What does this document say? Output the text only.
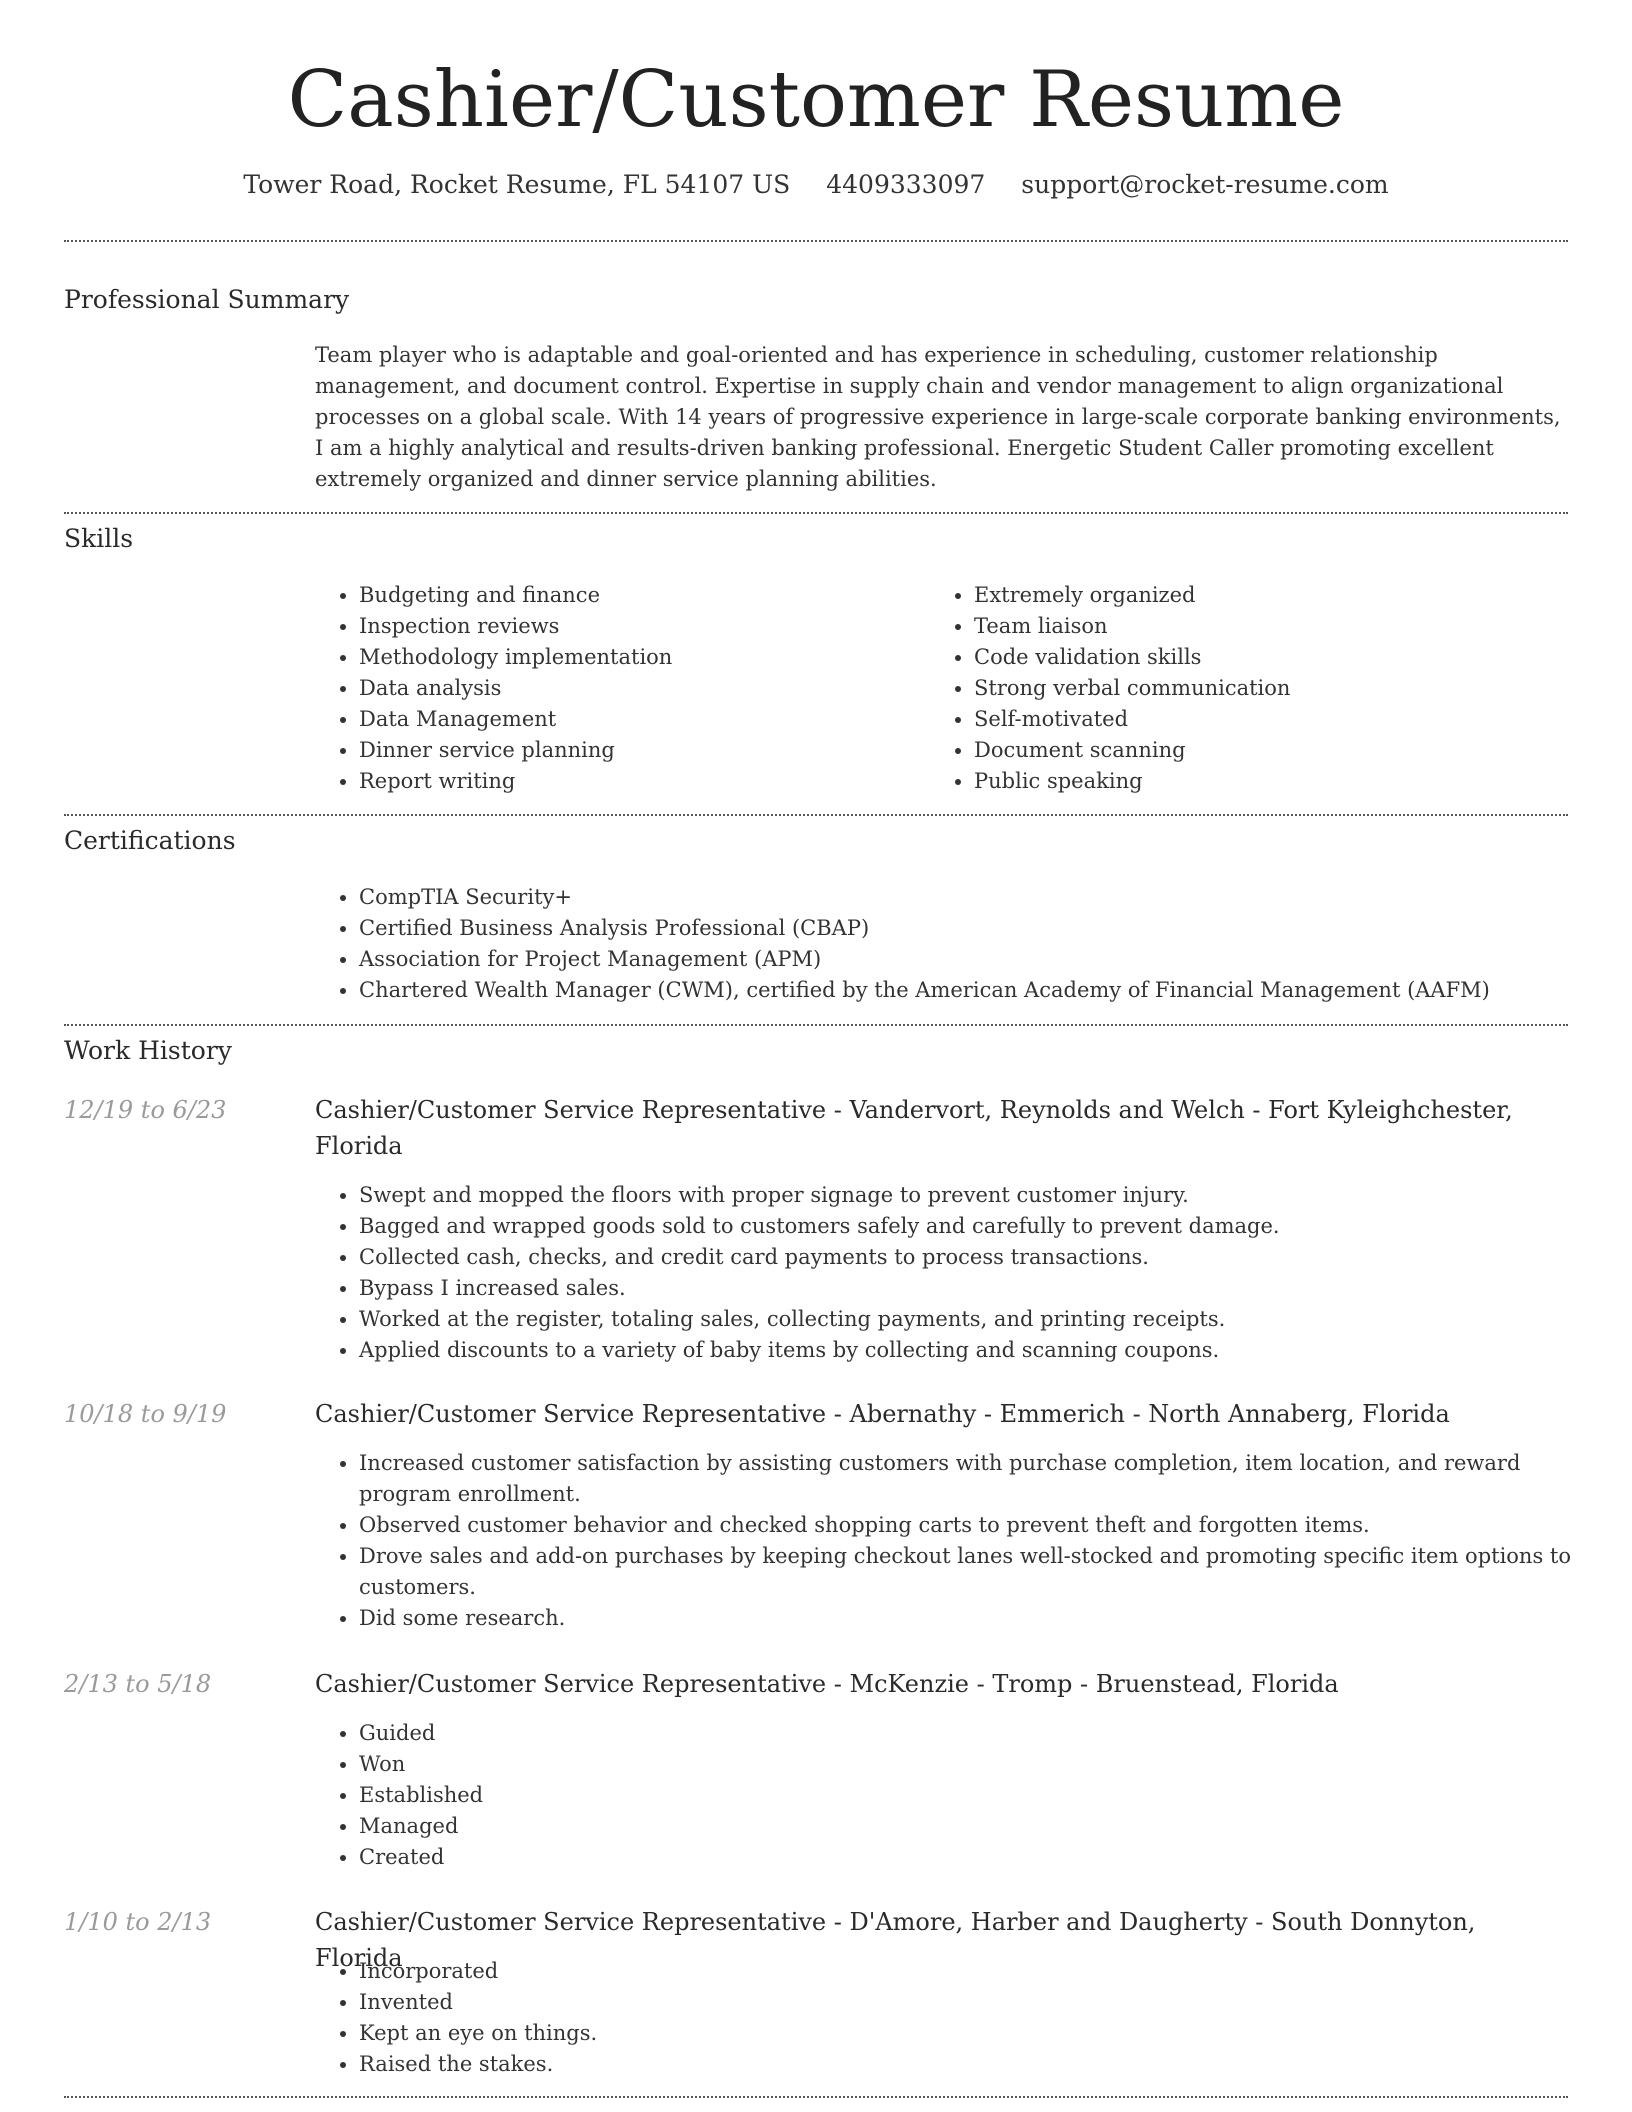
Cashier/Customer Resume
Tower Road, Rocket Resume, FL 54107 US 4409333097 support@rocket-resume.com
Professional Summary

Team player who is adaptable and goal-oriented and has experience in scheduling, customer relationship management, and document control. Expertise in supply chain and vendor management to align organizational processes on a global scale. With 14 years of progressive experience in large-scale corporate banking environments, I am a highly analytical and results-driven banking professional. Energetic Student Caller promoting excellent extremely organized and dinner service planning abilities.

Skills
• Budgeting and finance
• Inspection reviews
• Methodology implementation
• Data analysis
• Data Management
• Dinner service planning
• Report writing
• Extremely organized
• Team liaison
• Code validation skills
• Strong verbal communication
• Self-motivated
• Document scanning
• Public speaking
Certifications
• CompTIA Security+
• Certified Business Analysis Professional (CBAP)
• Association for Project Management (APM)
• Chartered Wealth Manager (CWM), certified by the American Academy of Financial Management (AAFM)
Work History
12/19 to 6/23	Cashier/Customer Service Representative - Vandervort, Reynolds and Welch - Fort Kyleighchester, Florida
• Swept and mopped the floors with proper signage to prevent customer injury.
• Bagged and wrapped goods sold to customers safely and carefully to prevent damage.
• Collected cash, checks, and credit card payments to process transactions.
• Bypass I increased sales.
• Worked at the register, totaling sales, collecting payments, and printing receipts.
• Applied discounts to a variety of baby items by collecting and scanning coupons.
10/18 to 9/19	Cashier/Customer Service Representative - Abernathy - Emmerich - North Annaberg, Florida
• Increased customer satisfaction by assisting customers with purchase completion, item location, and reward program enrollment.
• Observed customer behavior and checked shopping carts to prevent theft and forgotten items.
• Drove sales and add-on purchases by keeping checkout lanes well-stocked and promoting specific item options to customers.
• Did some research.
2/13 to 5/18	Cashier/Customer Service Representative - McKenzie - Tromp - Bruenstead, Florida
• Guided
• Won
• Established
• Managed
• Created
1/10 to 2/13	Cashier/Customer Service Representative - D'Amore, Harber and Daugherty - South Donnyton, Florida
• Incorporated
• Invented
• Kept an eye on things.
• Raised the stakes.
